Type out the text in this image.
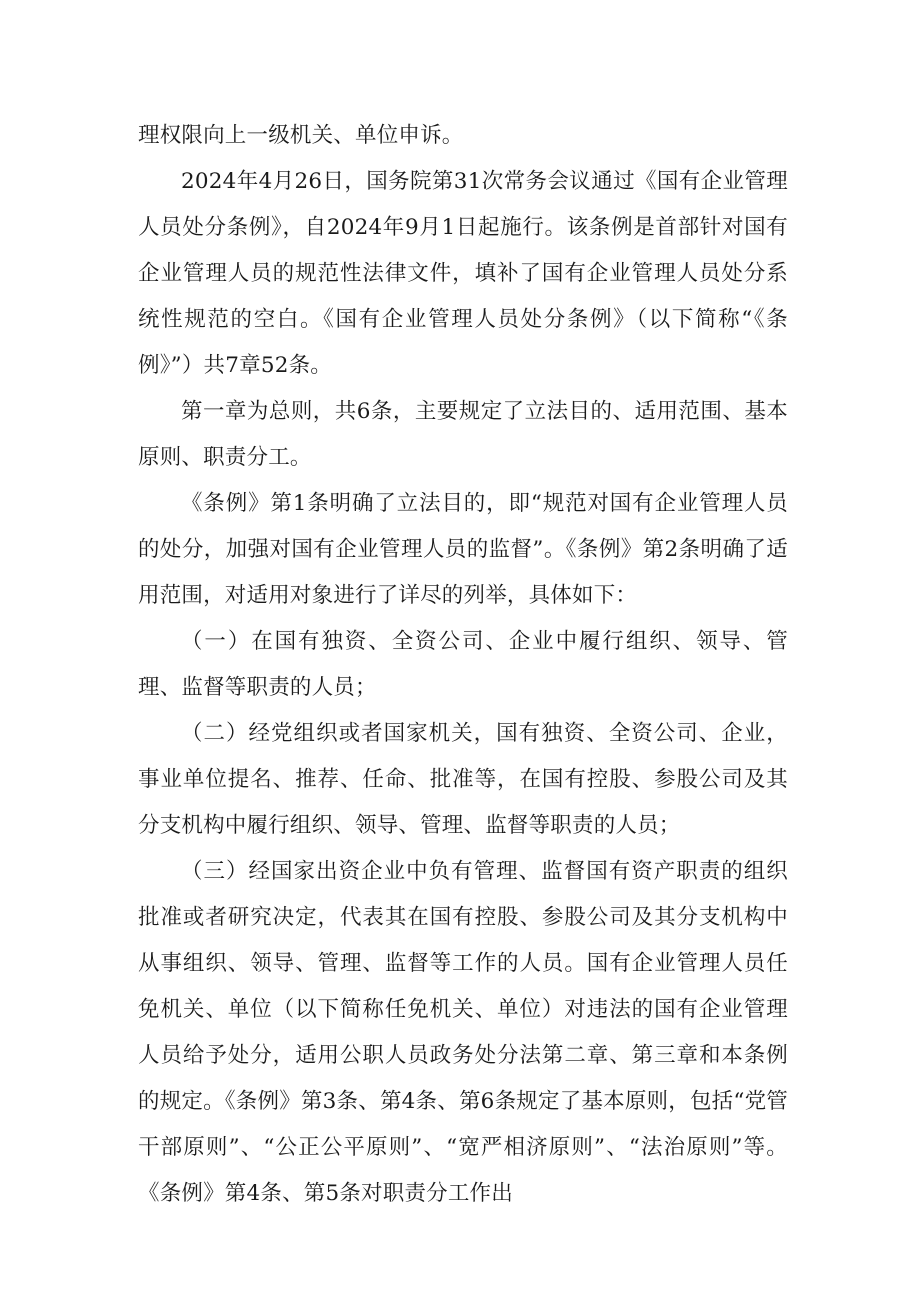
理权限向上一级机关、单位申诉。

2024年4月26日，国务院第31次常务会议通过《国有企业管理人员处分条例》，自2024年9月1日起施行。该条例是首部针对国有企业管理人员的规范性法律文件，填补了国有企业管理人员处分系统性规范的空白。《国有企业管理人员处分条例》（以下简称“《条例》”）共7章52条。

第一章为总则，共6条，主要规定了立法目的、适用范围、基本原则、职责分工。

《条例》第1条明确了立法目的，即“规范对国有企业管理人员的处分，加强对国有企业管理人员的监督”。《条例》第2条明确了适用范围，对适用对象进行了详尽的列举，具体如下：

（一）在国有独资、全资公司、企业中履行组织、领导、管理、监督等职责的人员；

（二）经党组织或者国家机关，国有独资、全资公司、企业，事业单位提名、推荐、任命、批准等，在国有控股、参股公司及其分支机构中履行组织、领导、管理、监督等职责的人员；

（三）经国家出资企业中负有管理、监督国有资产职责的组织批准或者研究决定，代表其在国有控股、参股公司及其分支机构中从事组织、领导、管理、监督等工作的人员。国有企业管理人员任免机关、单位（以下简称任免机关、单位）对违法的国有企业管理人员给予处分，适用公职人员政务处分法第二章、第三章和本条例的规定。《条例》第3条、第4条、第6条规定了基本原则，包括“党管干部原则”、“公正公平原则”、“宽严相济原则”、“法治原则”等。《条例》第4条、第5条对职责分工作出
